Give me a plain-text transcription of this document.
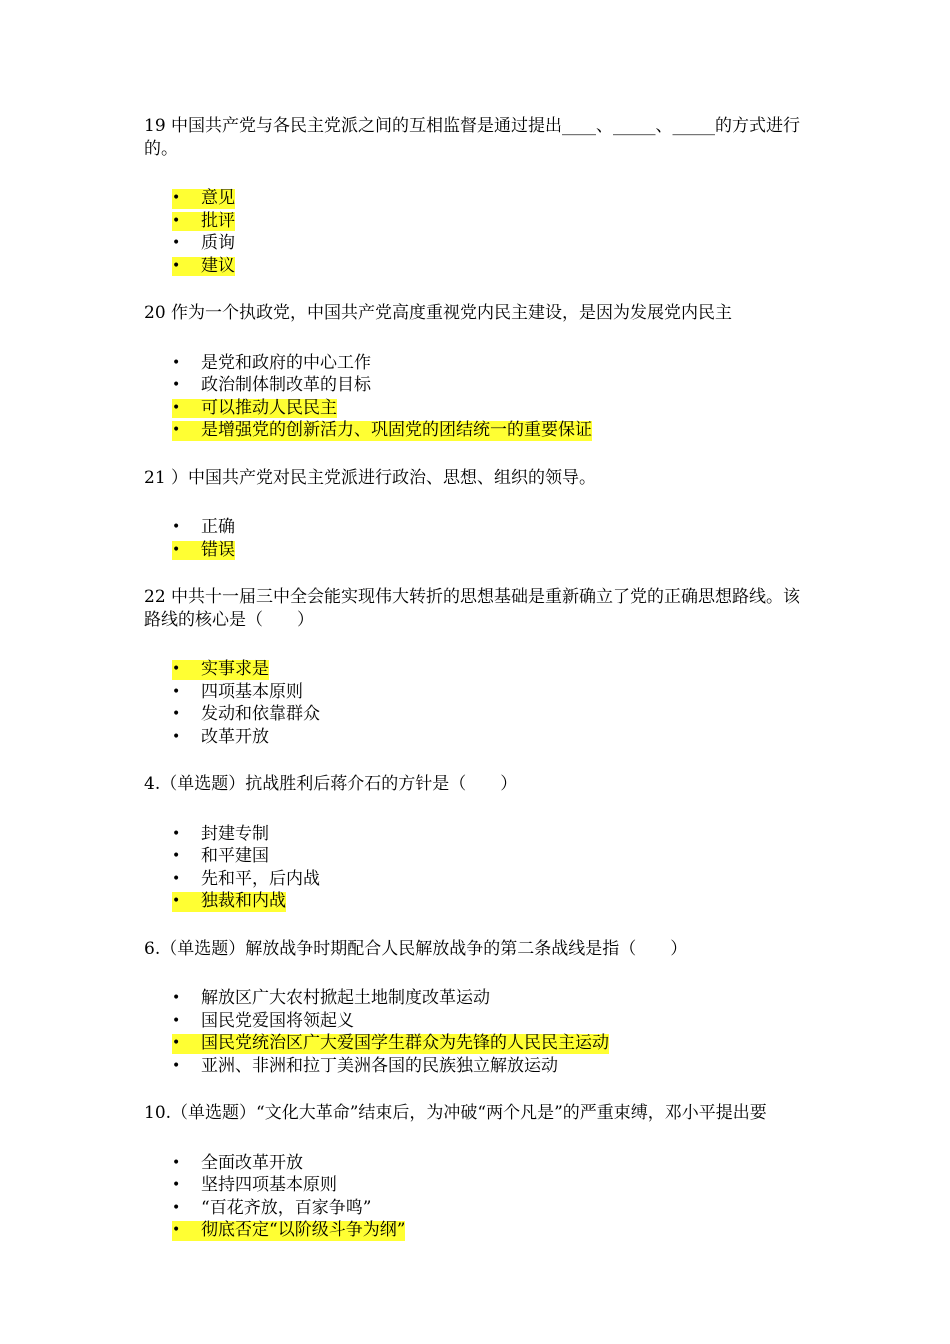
19 中国共产党与各民主党派之间的互相监督是通过提出____、_____、_____的方式进行的。

• 意见
• 批评
• 质询
• 建议

20 作为一个执政党，中国共产党高度重视党内民主建设，是因为发展党内民主

• 是党和政府的中心工作
• 政治制体制改革的目标
• 可以推动人民民主
• 是增强党的创新活力、巩固党的团结统一的重要保证

21 ）中国共产党对民主党派进行政治、思想、组织的领导。

• 正确
• 错误

22 中共十一届三中全会能实现伟大转折的思想基础是重新确立了党的正确思想路线。该路线的核心是（　　）

• 实事求是
• 四项基本原则
• 发动和依靠群众
• 改革开放

4.（单选题）抗战胜利后蒋介石的方针是（　　）

• 封建专制
• 和平建国
• 先和平，后内战
• 独裁和内战

6.（单选题）解放战争时期配合人民解放战争的第二条战线是指（　　）

• 解放区广大农村掀起土地制度改革运动
• 国民党爱国将领起义
• 国民党统治区广大爱国学生群众为先锋的人民民主运动
• 亚洲、非洲和拉丁美洲各国的民族独立解放运动

10.（单选题）“文化大革命”结束后，为冲破“两个凡是”的严重束缚，邓小平提出要

• 全面改革开放
• 坚持四项基本原则
• “百花齐放，百家争鸣”
• 彻底否定“以阶级斗争为纲”
